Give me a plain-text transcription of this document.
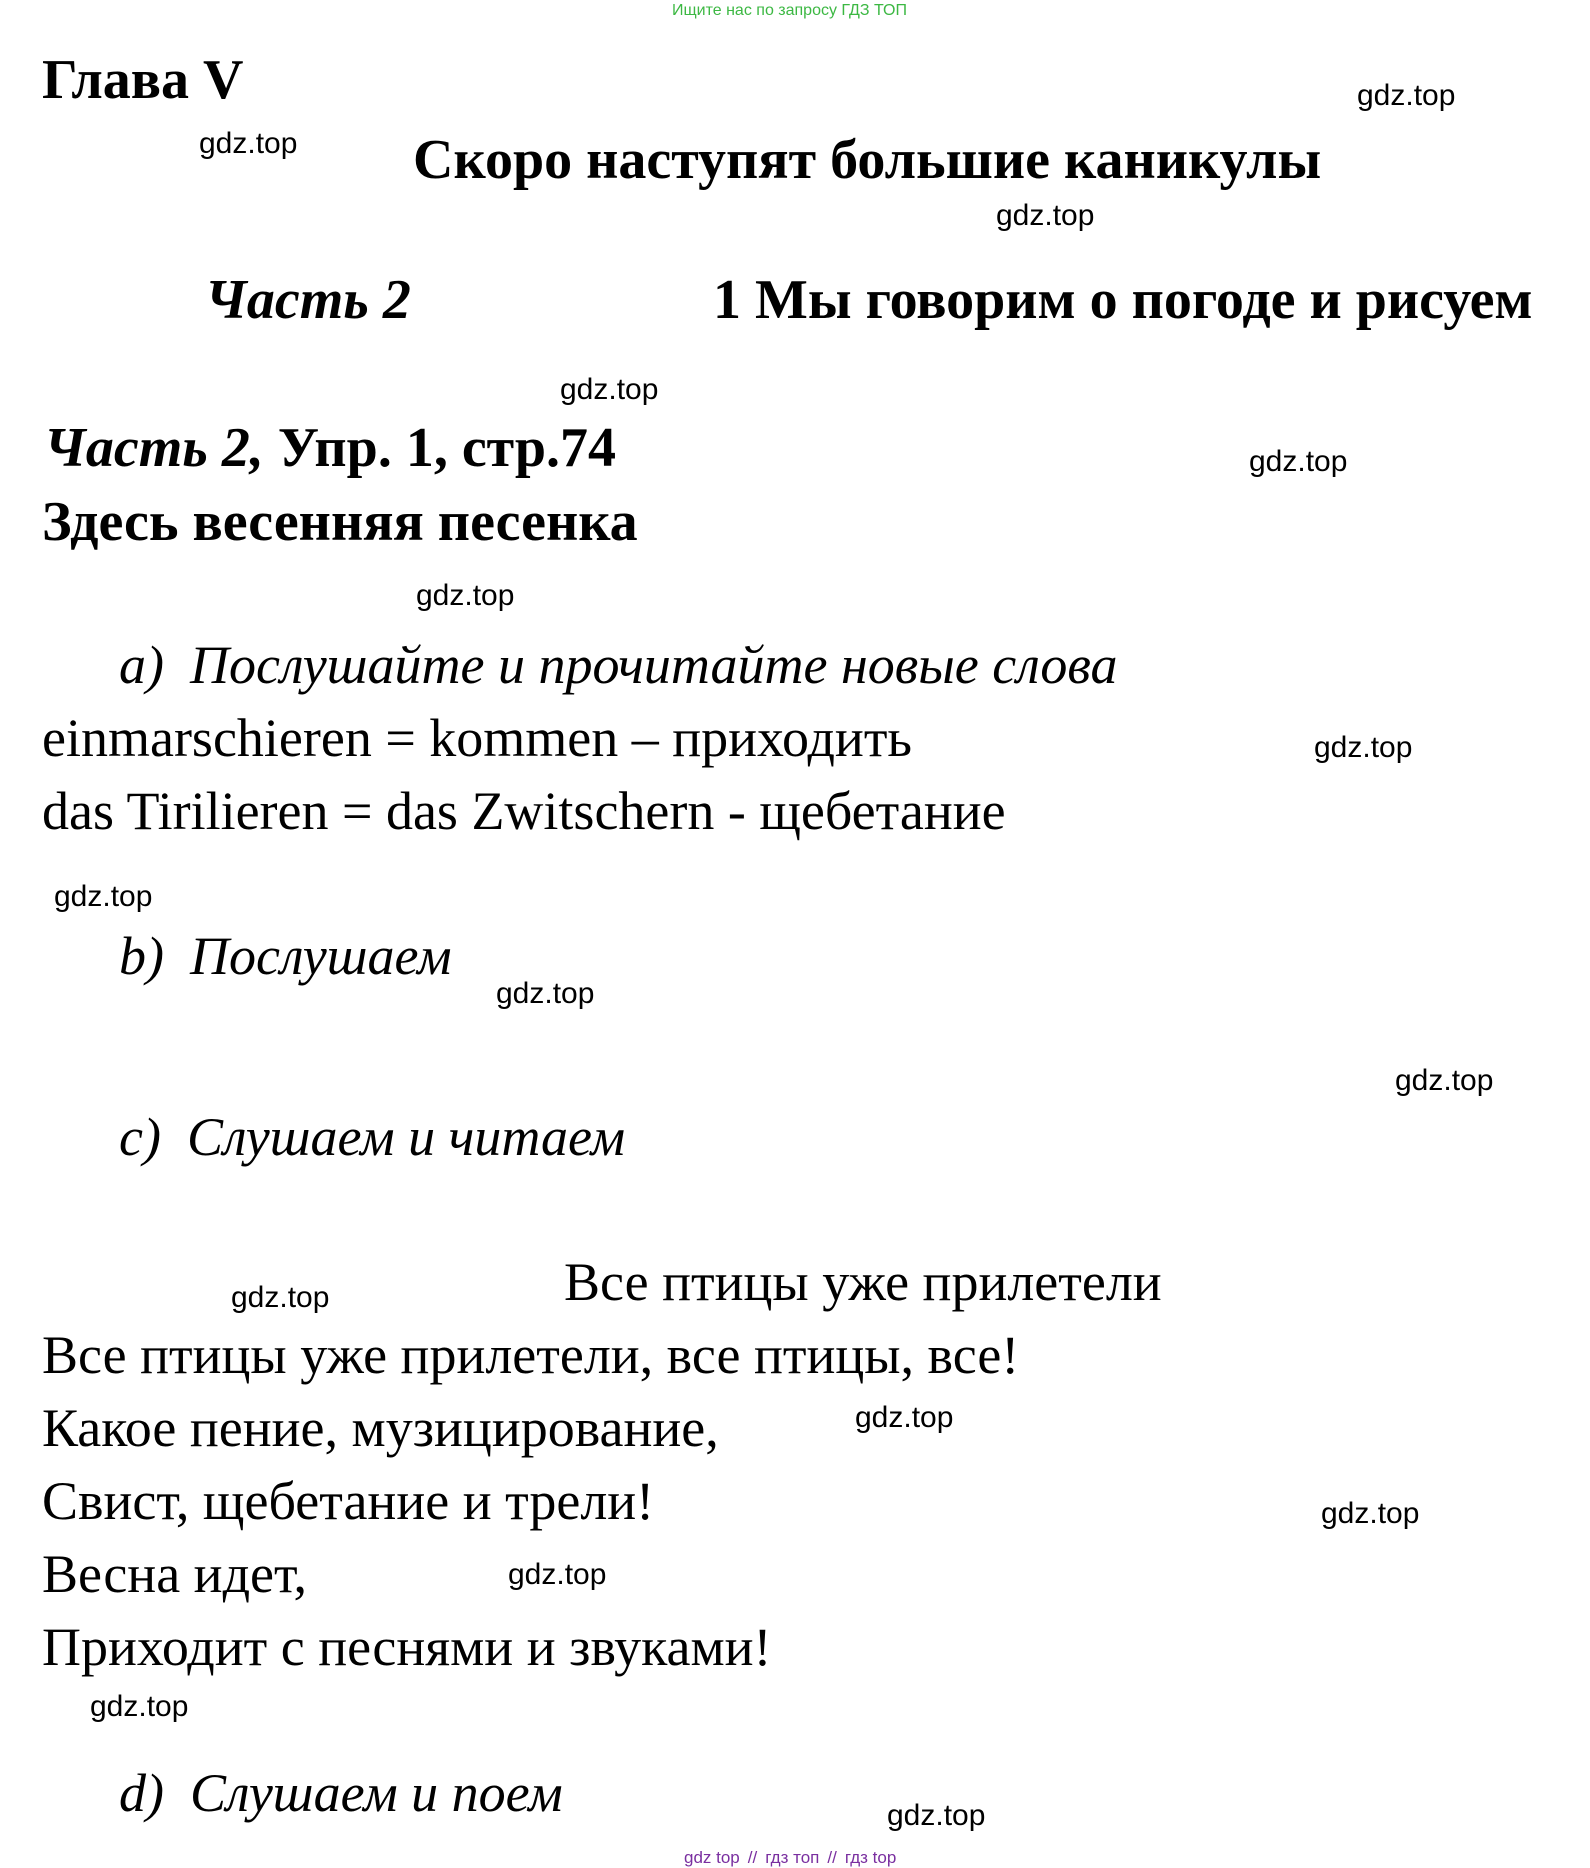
Ищите нас по запросу ГДЗ ТОП
Глава V
Скоро наступят большие каникулы
Часть 2	1 Мы говорим о погоде и рисуем
Часть 2, Упр. 1, стр.74
Здесь весенняя песенка
a) Послушайте и прочитайте новые слова
einmarschieren = kommen – приходить
das Tirilieren = das Zwitschern - щебетание
b) Послушаем
c) Слушаем и читаем
Все птицы уже прилетели
Все птицы уже прилетели, все птицы, все!
Какое пение, музицирование,
Свист, щебетание и трели!
Весна идет,
Приходит с песнями и звуками!
d) Слушаем и поем
gdz.top
gdz.top
gdz.top
gdz.top
gdz.top
gdz.top
gdz.top
gdz.top
gdz.top
gdz.top
gdz.top
gdz.top
gdz.top
gdz.top
gdz.top
gdz.top
gdz top // гдз топ // гдз top
